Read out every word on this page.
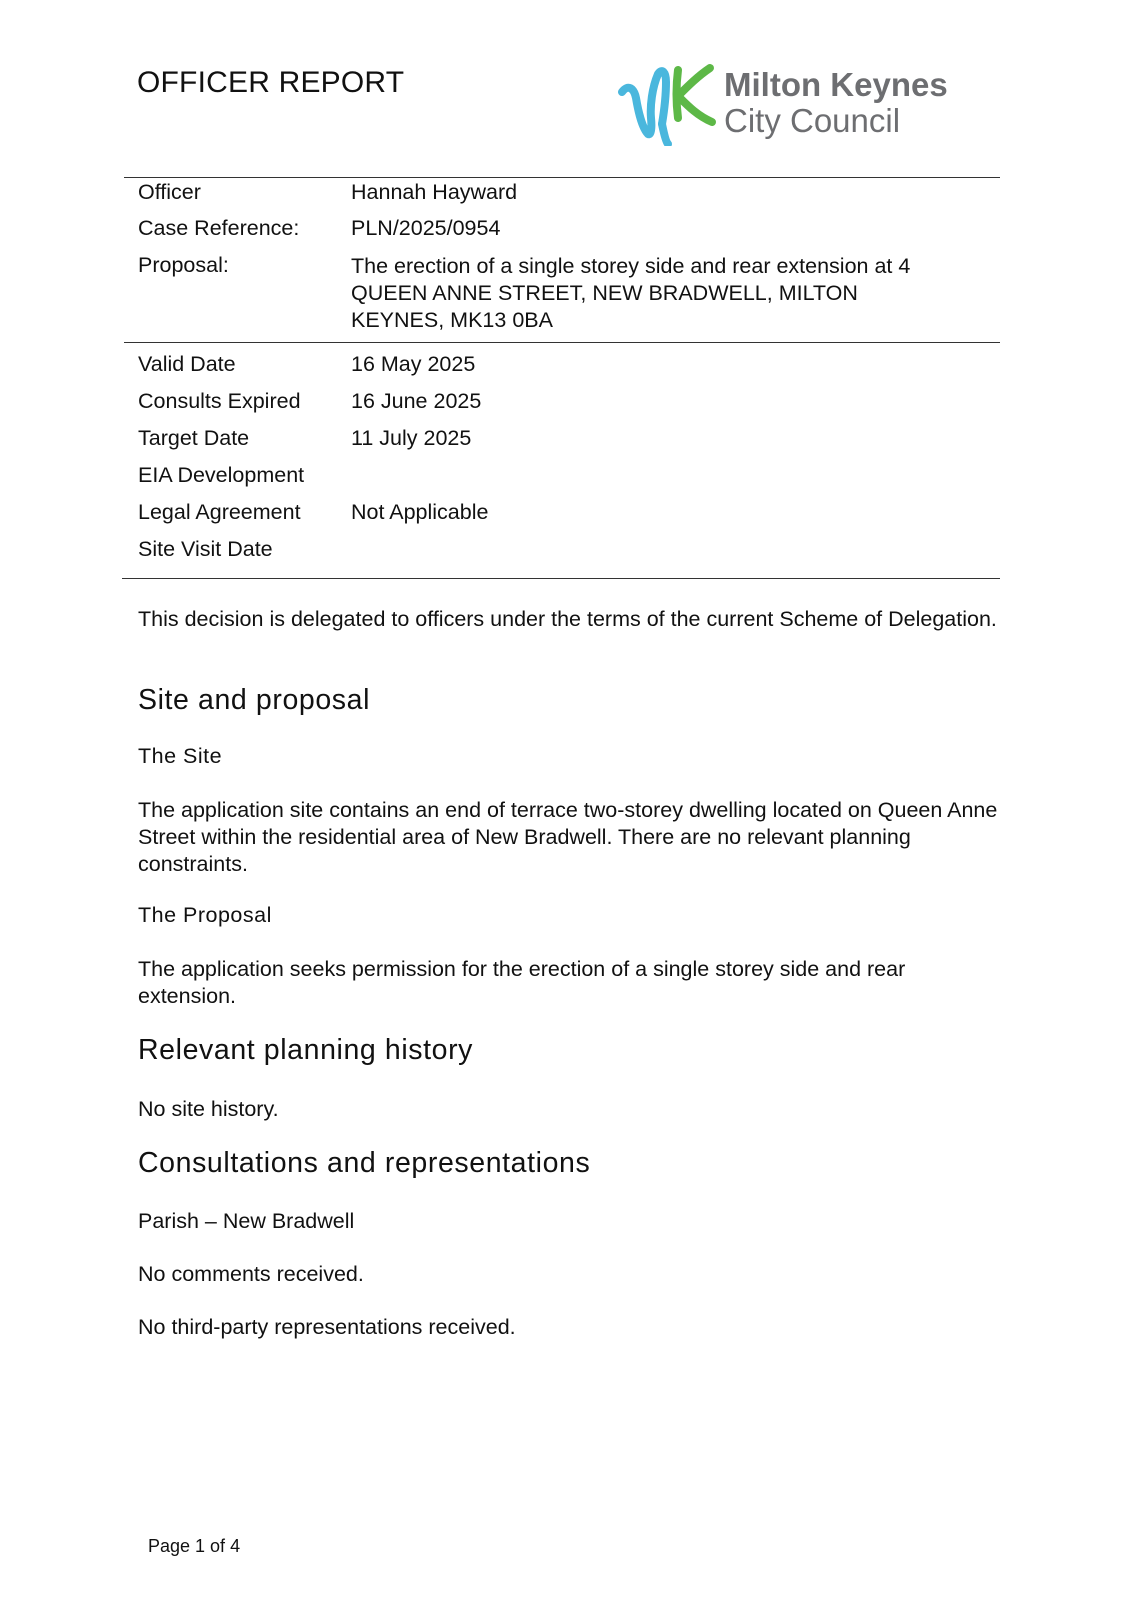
OFFICER REPORT	Milton Keynes
City Council
Officer	Hannah Hayward
Case Reference: PLN/2025/0954
Proposal:	The erection of a single storey side and rear extension at 4
QUEEN ANNE STREET, NEW BRADWELL, MILTON
KEYNES, MK13 0BA
Valid Date	16 May 2025
Consults Expired 16 June 2025
Target Date	11 July 2025
EIA Development
Legal Agreement Not Applicable
Site Visit Date
This decision is delegated to officers under the terms of the current Scheme of Delegation.
Site and proposal
The Site
The application site contains an end of terrace two-storey dwelling located on Queen Anne Street within the residential area of New Bradwell. There are no relevant planning constraints.
The Proposal
The application seeks permission for the erection of a single storey side and rear extension.
Relevant planning history
No site history.
Consultations and representations
Parish – New Bradwell
No comments received.
No third-party representations received.
Page 1 of 4
